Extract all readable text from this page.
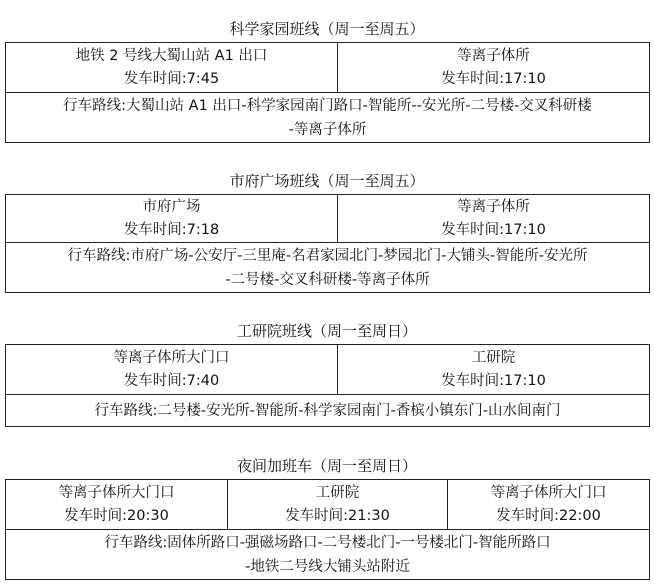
科学家园班线（周一至周五）
地铁 2 号线大蜀山站 A1 出口
发车时间:7:45

等离子体所
发车时间:17:10

行车路线:大蜀山站 A1 出口-科学家园南门路口-智能所--安光所-二号楼-交叉科研楼
-等离子体所
市府广场班线（周一至周五）
市府广场
发车时间:7:18

等离子体所
发车时间:17:10

行车路线:市府广场-公安厅-三里庵-名君家园北门-梦园北门-大铺头-智能所-安光所
-二号楼-交叉科研楼-等离子体所
工研院班线（周一至周日）
等离子体所大门口
发车时间:7:40

工研院
发车时间:17:10

行车路线:二号楼-安光所-智能所-科学家园南门-香槟小镇东门-山水间南门
夜间加班车（周一至周日）
等离子体所大门口
发车时间:20:30

工研院
发车时间:21:30

等离子体所大门口
发车时间:22:00

行车路线:固体所路口-强磁场路口-二号楼北门-一号楼北门-智能所路口
-地铁二号线大铺头站附近
